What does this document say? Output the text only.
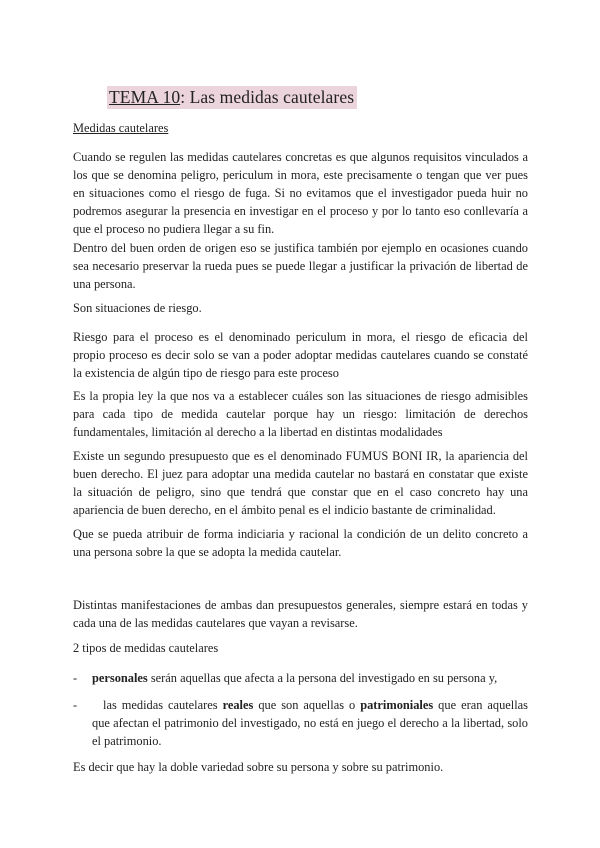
TEMA 10: Las medidas cautelares
Medidas cautelares

Cuando se regulen las medidas cautelares concretas es que algunos requisitos vinculados a los que se denomina peligro, periculum in mora, este precisamente o tengan que ver pues en situaciones como el riesgo de fuga. Si no evitamos que el investigador pueda huir no podremos asegurar la presencia en investigar en el proceso y por lo tanto eso conllevaría a que el proceso no pudiera llegar a su fin.

Dentro del buen orden de origen eso se justifica también por ejemplo en ocasiones cuando sea necesario preservar la rueda pues se puede llegar a justificar la privación de libertad de una persona.

Son situaciones de riesgo.

Riesgo para el proceso es el denominado periculum in mora, el riesgo de eficacia del propio proceso es decir solo se van a poder adoptar medidas cautelares cuando se constaté la existencia de algún tipo de riesgo para este proceso

Es la propia ley la que nos va a establecer cuáles son las situaciones de riesgo admisibles para cada tipo de medida cautelar porque hay un riesgo: limitación de derechos fundamentales, limitación al derecho a la libertad en distintas modalidades

Existe un segundo presupuesto que es el denominado FUMUS BONI IR, la apariencia del buen derecho. El juez para adoptar una medida cautelar no bastará en constatar que existe la situación de peligro, sino que tendrá que constar que en el caso concreto hay una apariencia de buen derecho, en el ámbito penal es el indicio bastante de criminalidad.

Que se pueda atribuir de forma indiciaria y racional la condición de un delito concreto a una persona sobre la que se adopta la medida cautelar.

Distintas manifestaciones de ambas dan presupuestos generales, siempre estará en todas y cada una de las medidas cautelares que vayan a revisarse.

2 tipos de medidas cautelares

- personales serán aquellas que afecta a la persona del investigado en su persona y,
-	las medidas cautelares reales que son aquellas o patrimoniales que eran aquellas que afectan el patrimonio del investigado, no está en juego el derecho a la libertad, solo el patrimonio.

Es decir que hay la doble variedad sobre su persona y sobre su patrimonio.
